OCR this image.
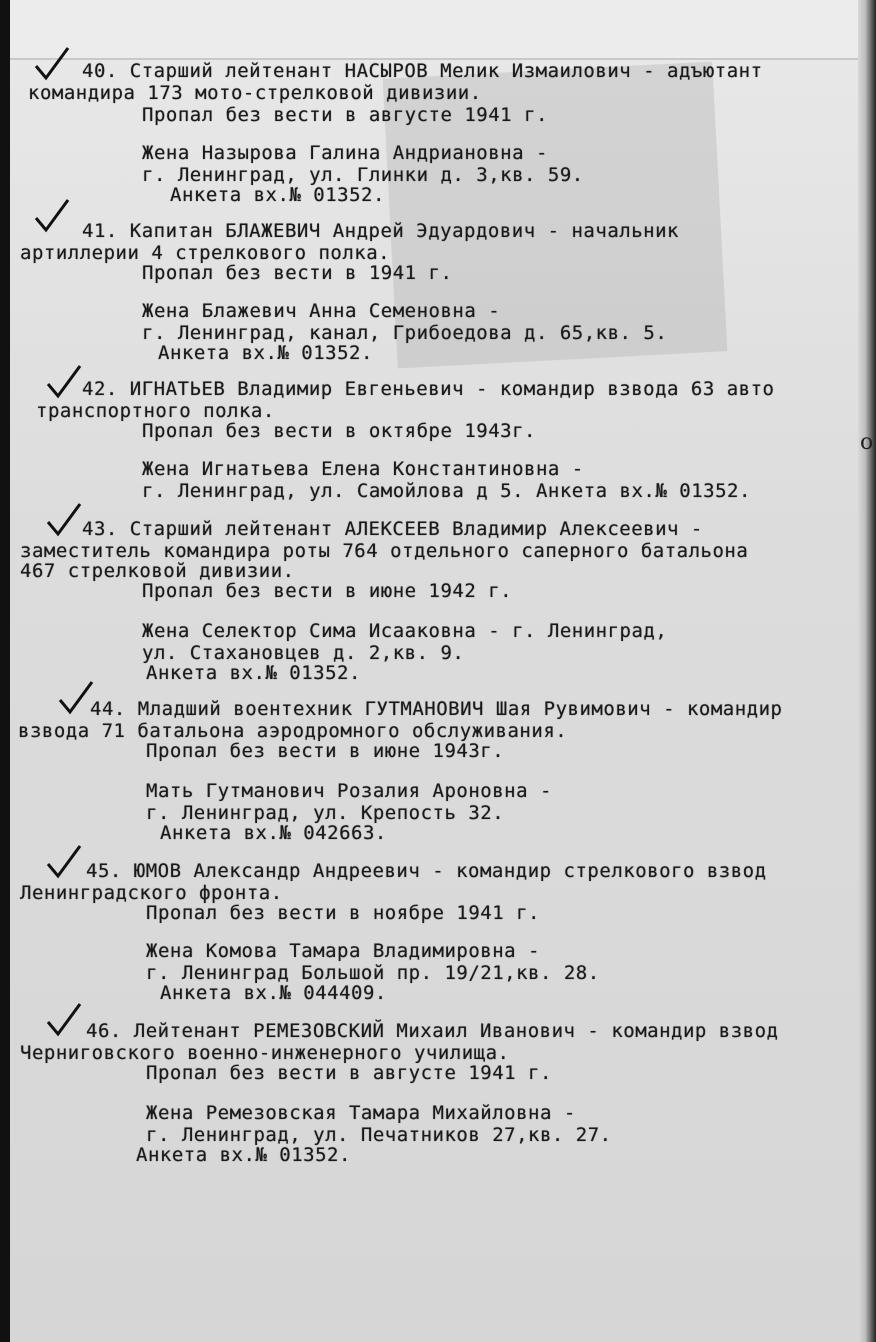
40. Старший лейтенант НАСЫРОВ Мелик Измаилович - адъютант
командира 173 мото-стрелковой дивизии.
Пропал без вести в августе 1941 г.
Жена Назырова Галина Андриановна -
г. Ленинград, ул. Глинки д. 3,кв. 59.
Анкета вх.№ 01352.
41. Капитан БЛАЖЕВИЧ Андрей Эдуардович - начальник
артиллерии 4 стрелкового полка.
Пропал без вести в 1941 г.
Жена Блажевич Анна Семеновна -
г. Ленинград, канал, Грибоедова д. 65,кв. 5.
Анкета вх.№ 01352.
42. ИГНАТЬЕВ Владимир Евгеньевич - командир взвода 63 авто
транспортного полка.
Пропал без вести в октябре 1943г.
Жена Игнатьева Елена Константиновна -
г. Ленинград, ул. Самойлова д 5. Анкета вх.№ 01352.
43. Старший лейтенант АЛЕКСЕЕВ Владимир Алексеевич -
заместитель командира роты 764 отдельного саперного батальона
467 стрелковой дивизии.
Пропал без вести в июне 1942 г.
Жена Селектор Сима Исааковна - г. Ленинград,
ул. Стахановцев д. 2,кв. 9.
Анкета вх.№ 01352.
44. Младший воентехник ГУТМАНОВИЧ Шая Рувимович - командир
взвода 71 батальона аэродромного обслуживания.
Пропал без вести в июне 1943г.
Мать Гутманович Розалия Ароновна -
г. Ленинград, ул. Крепость 32.
Анкета вх.№ 042663.
45. ЮМОВ Александр Андреевич - командир стрелкового взвод
Ленинградского фронта.
Пропал без вести в ноябре 1941 г.
Жена Комова Тамара Владимировна -
г. Ленинград Большой пр. 19/21,кв. 28.
Анкета вх.№ 044409.
46. Лейтенант РЕМЕЗОВСКИЙ Михаил Иванович - командир взвод
Черниговского военно-инженерного училища.
Пропал без вести в августе 1941 г.
Жена Ремезовская Тамара Михайловна -
г. Ленинград, ул. Печатников 27,кв. 27.
Анкета вх.№ 01352.
о
